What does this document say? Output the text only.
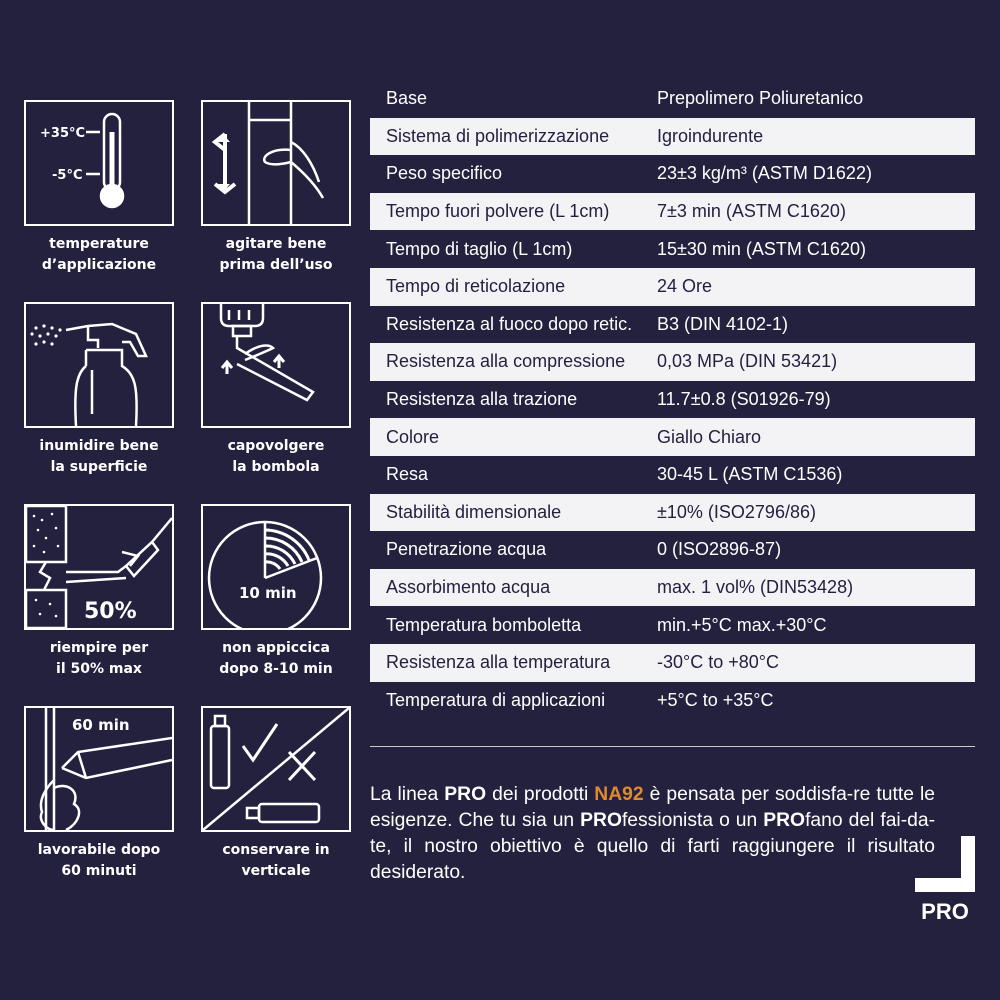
+35°C
-5°C
temperature
d’applicazione
agitare bene
prima dell’uso
inumidire bene
la superficie
capovolgere
la bombola
50%
riempire per
il 50% max
10 min
non appiccica
dopo 8-10 min
60 min
lavorabile dopo
60 minuti
conservare in
verticale
Base	Prepolimero Poliuretanico
Sistema di polimerizzazione	Igroindurente
Peso specifico	23±3 kg/m³ (ASTM D1622)
Tempo fuori polvere (L 1cm)	7±3 min (ASTM C1620)
Tempo di taglio (L 1cm)	15±30 min (ASTM C1620)
Tempo di reticolazione	24 Ore
Resistenza al fuoco dopo retic.	B3 (DIN 4102-1)
Resistenza alla compressione	0,03 MPa (DIN 53421)
Resistenza alla trazione	11.7±0.8 (S01926-79)
Colore	Giallo Chiaro
Resa	30-45 L (ASTM C1536)
Stabilità dimensionale	±10% (ISO2796/86)
Penetrazione acqua	0 (ISO2896-87)
Assorbimento acqua	max. 1 vol% (DIN53428)
Temperatura bomboletta	min.+5°C max.+30°C
Resistenza alla temperatura	-30°C to +80°C
Temperatura di applicazioni	+5°C to +35°C

La linea PRO dei prodotti NA92 è pensata per soddisfa-re tutte le esigenze. Che tu sia un PROfessionista o un PROfano del fai-da-te, il nostro obiettivo è quello di farti raggiungere il risultato desiderato.

PRO
